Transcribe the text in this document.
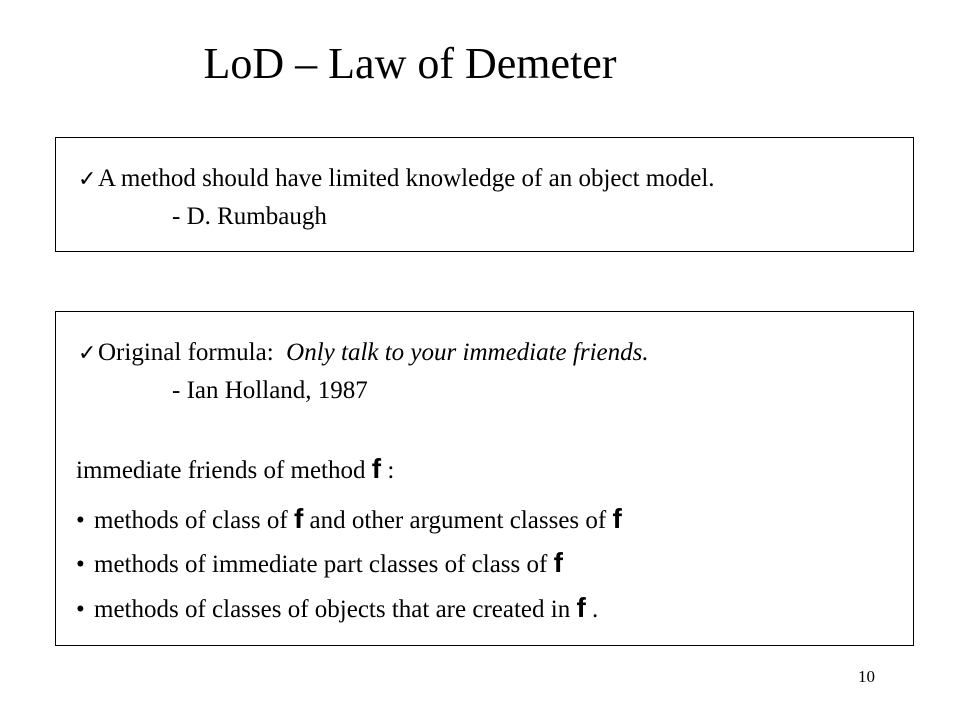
LoD – Law of Demeter
✓A method should have limited knowledge of an object model.
- D. Rumbaugh
✓Original formula: Only talk to your immediate friends.
- Ian Holland, 1987
immediate friends of method f :
• methods of class of f and other argument classes of f
• methods of immediate part classes of class of f
• methods of classes of objects that are created in f .
10
